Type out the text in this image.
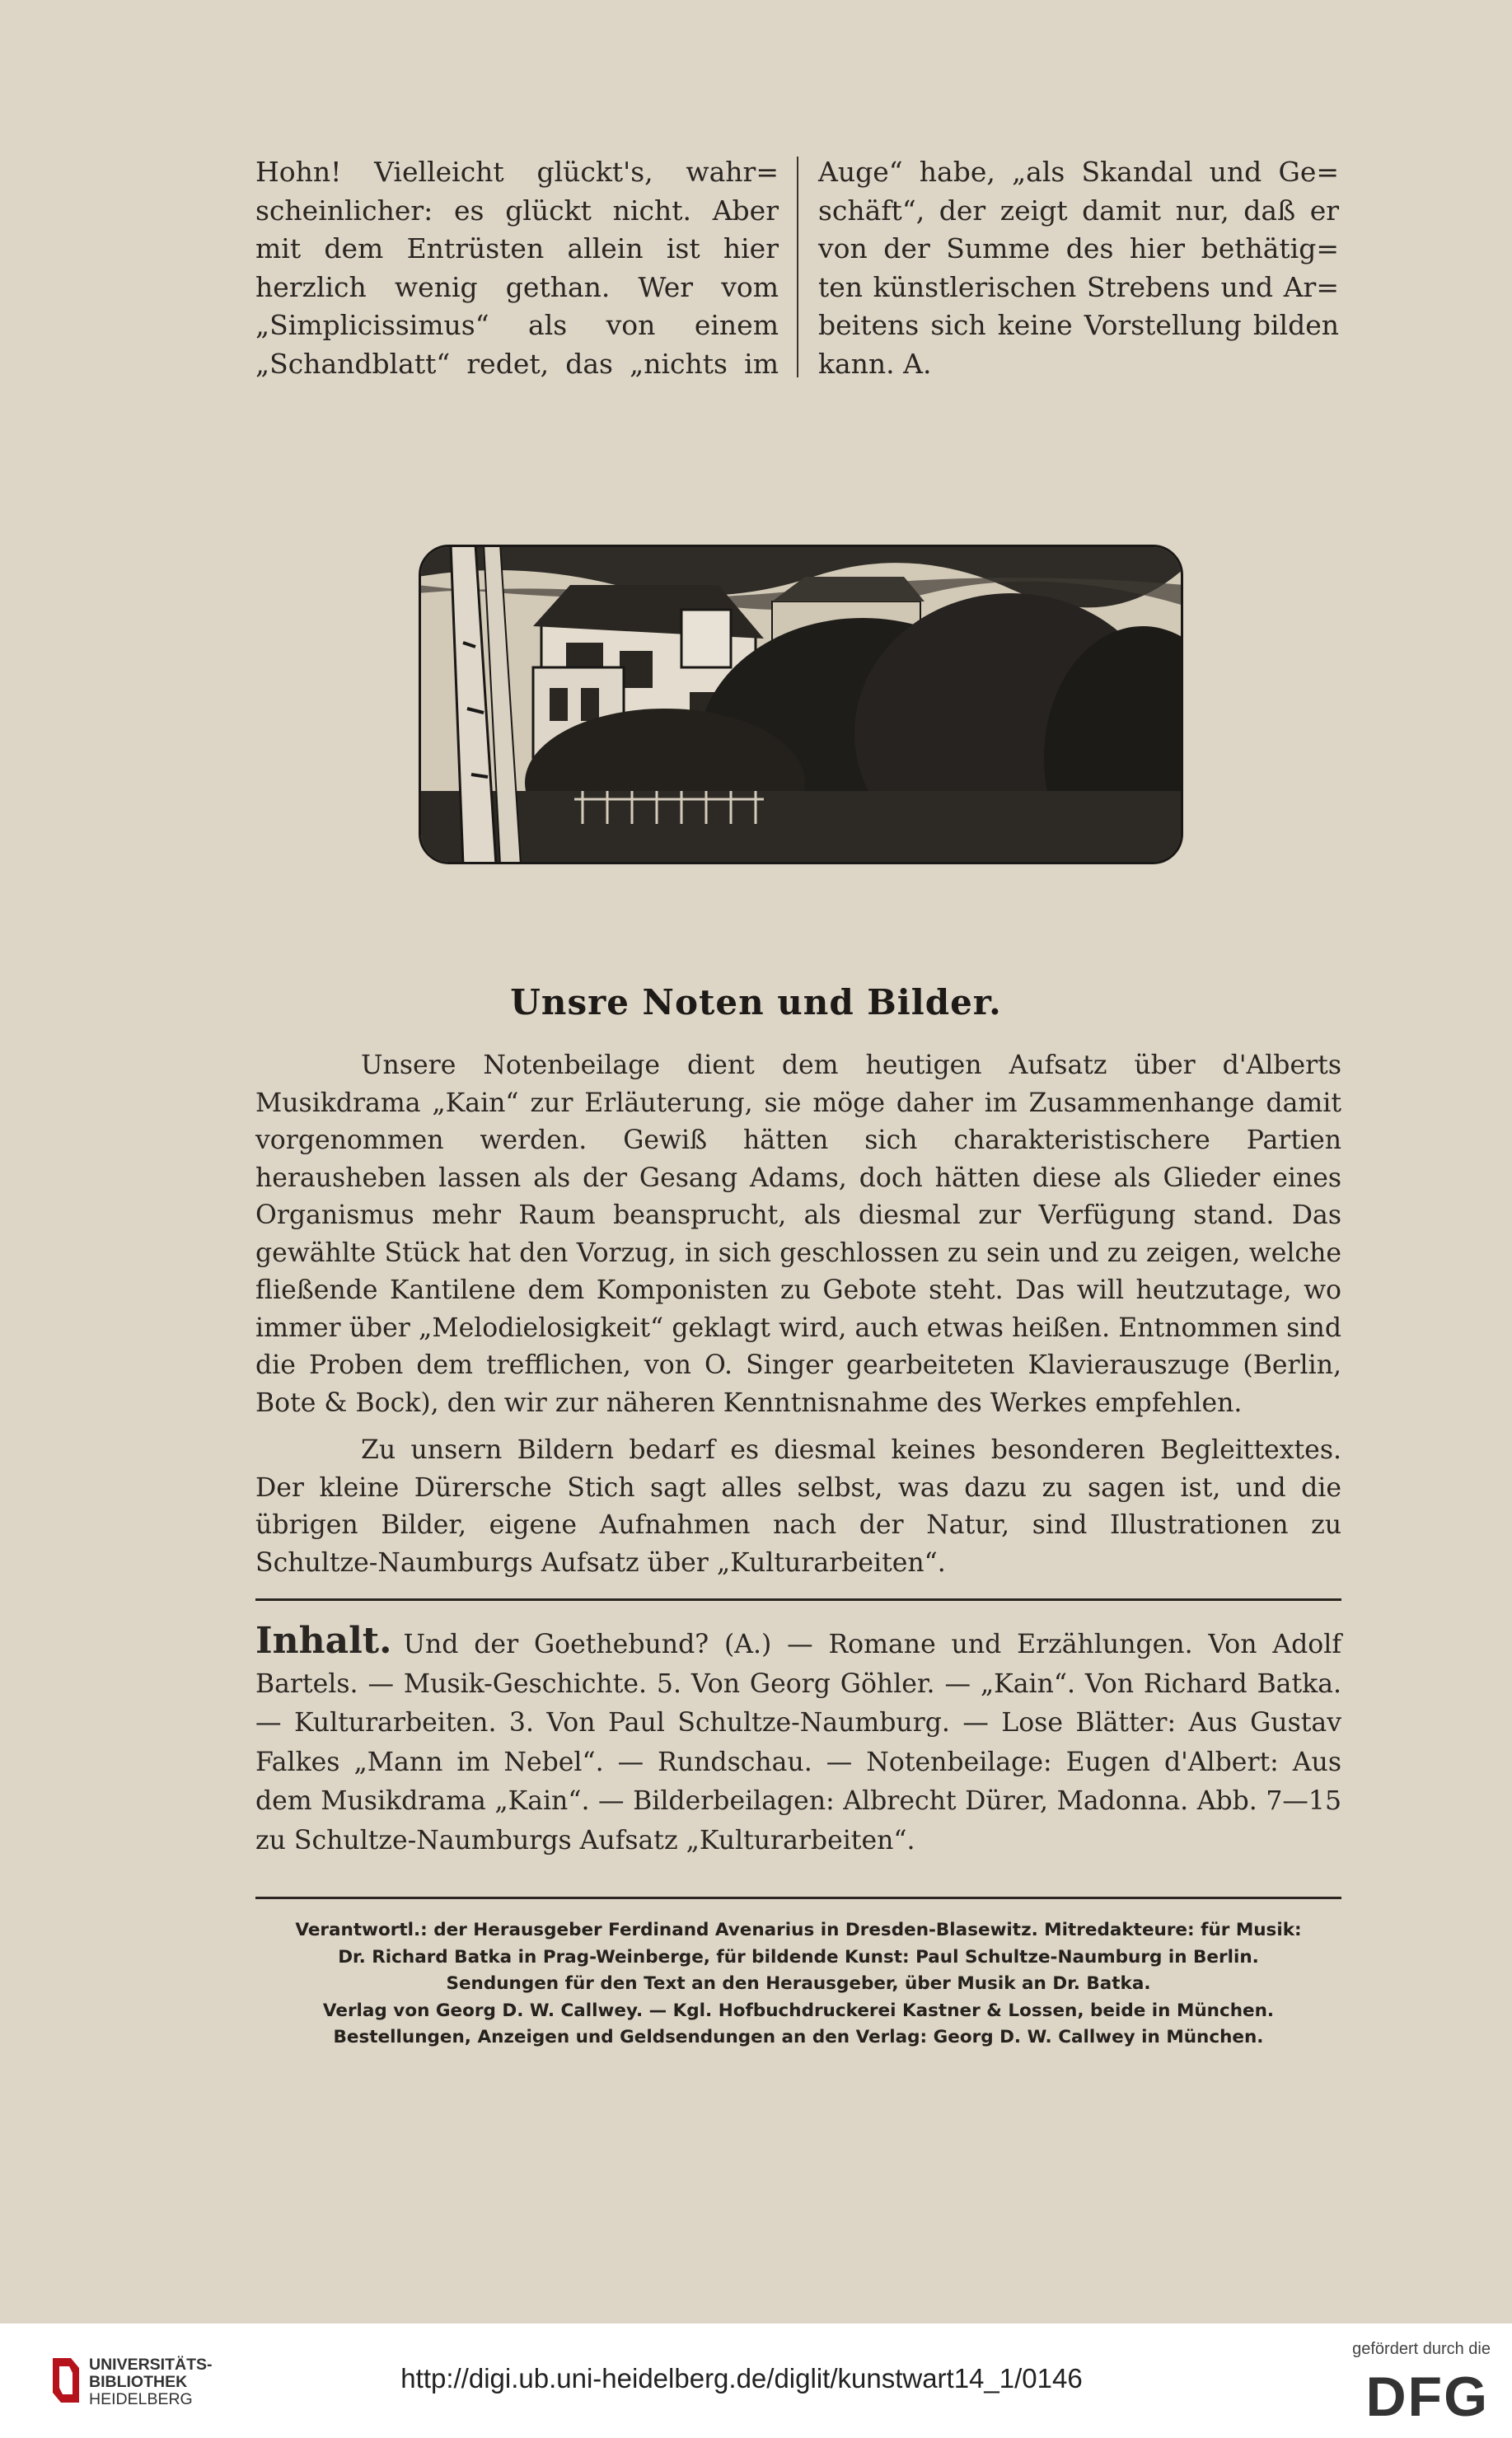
Hohn! Vielleicht glückt's, wahr=

scheinlicher: es glückt nicht. Aber

mit dem Entrüsten allein ist hier

herzlich wenig gethan. Wer vom

„Simplicissimus“ als von einem

„Schandblatt“ redet, das „nichts im

Auge“ habe, „als Skandal und Ge=

schäft“, der zeigt damit nur, daß er

von der Summe des hier bethätig=

ten künstlerischen Strebens und Ar=

beitens sich keine Vorstellung bilden

kann. A.

Unsre Noten und Bilder.

Unsere Notenbeilage dient dem heutigen Aufsatz über d'Alberts Musikdrama „Kain“ zur Erläuterung, sie möge daher im Zusammenhange damit vorgenommen werden. Gewiß hätten sich charakteristischere Partien herausheben lassen als der Gesang Adams, doch hätten diese als Glieder eines Organismus mehr Raum beansprucht, als diesmal zur Verfügung stand. Das gewählte Stück hat den Vorzug, in sich geschlossen zu sein und zu zeigen, welche fließende Kantilene dem Komponisten zu Gebote steht. Das will heutzutage, wo immer über „Melodielosigkeit“ geklagt wird, auch etwas heißen. Entnommen sind die Proben dem trefflichen, von O. Singer gearbeiteten Klavierauszuge (Berlin, Bote & Bock), den wir zur näheren Kenntnisnahme des Werkes empfehlen.

Zu unsern Bildern bedarf es diesmal keines besonderen Begleittextes. Der kleine Dürersche Stich sagt alles selbst, was dazu zu sagen ist, und die übrigen Bilder, eigene Aufnahmen nach der Natur, sind Illustrationen zu Schultze-Naumburgs Aufsatz über „Kulturarbeiten“.

Inhalt. Und der Goethebund? (A.) — Romane und Erzählungen. Von Adolf Bartels. — Musik-Geschichte. 5. Von Georg Göhler. — „Kain“. Von Richard Batka. — Kulturarbeiten. 3. Von Paul Schultze-Naumburg. — Lose Blätter: Aus Gustav Falkes „Mann im Nebel“. — Rundschau. — Notenbeilage: Eugen d'Albert: Aus dem Musikdrama „Kain“. — Bilderbeilagen: Albrecht Dürer, Madonna. Abb. 7—15 zu Schultze-Naumburgs Aufsatz „Kulturarbeiten“.
Verantwortl.: der Herausgeber Ferdinand Avenarius in Dresden-Blasewitz. Mitredakteure: für Musik:
Dr. Richard Batka in Prag-Weinberge, für bildende Kunst: Paul Schultze-Naumburg in Berlin.
Sendungen für den Text an den Herausgeber, über Musik an Dr. Batka.
Verlag von Georg D. W. Callwey. — Kgl. Hofbuchdruckerei Kastner & Lossen, beide in München.
Bestellungen, Anzeigen und Geldsendungen an den Verlag: Georg D. W. Callwey in München.
UNIVERSITÄTS-
BIBLIOTHEK
HEIDELBERG
http://digi.ub.uni-heidelberg.de/diglit/kunstwart14_1/0146
gefördert durch die
DFG
